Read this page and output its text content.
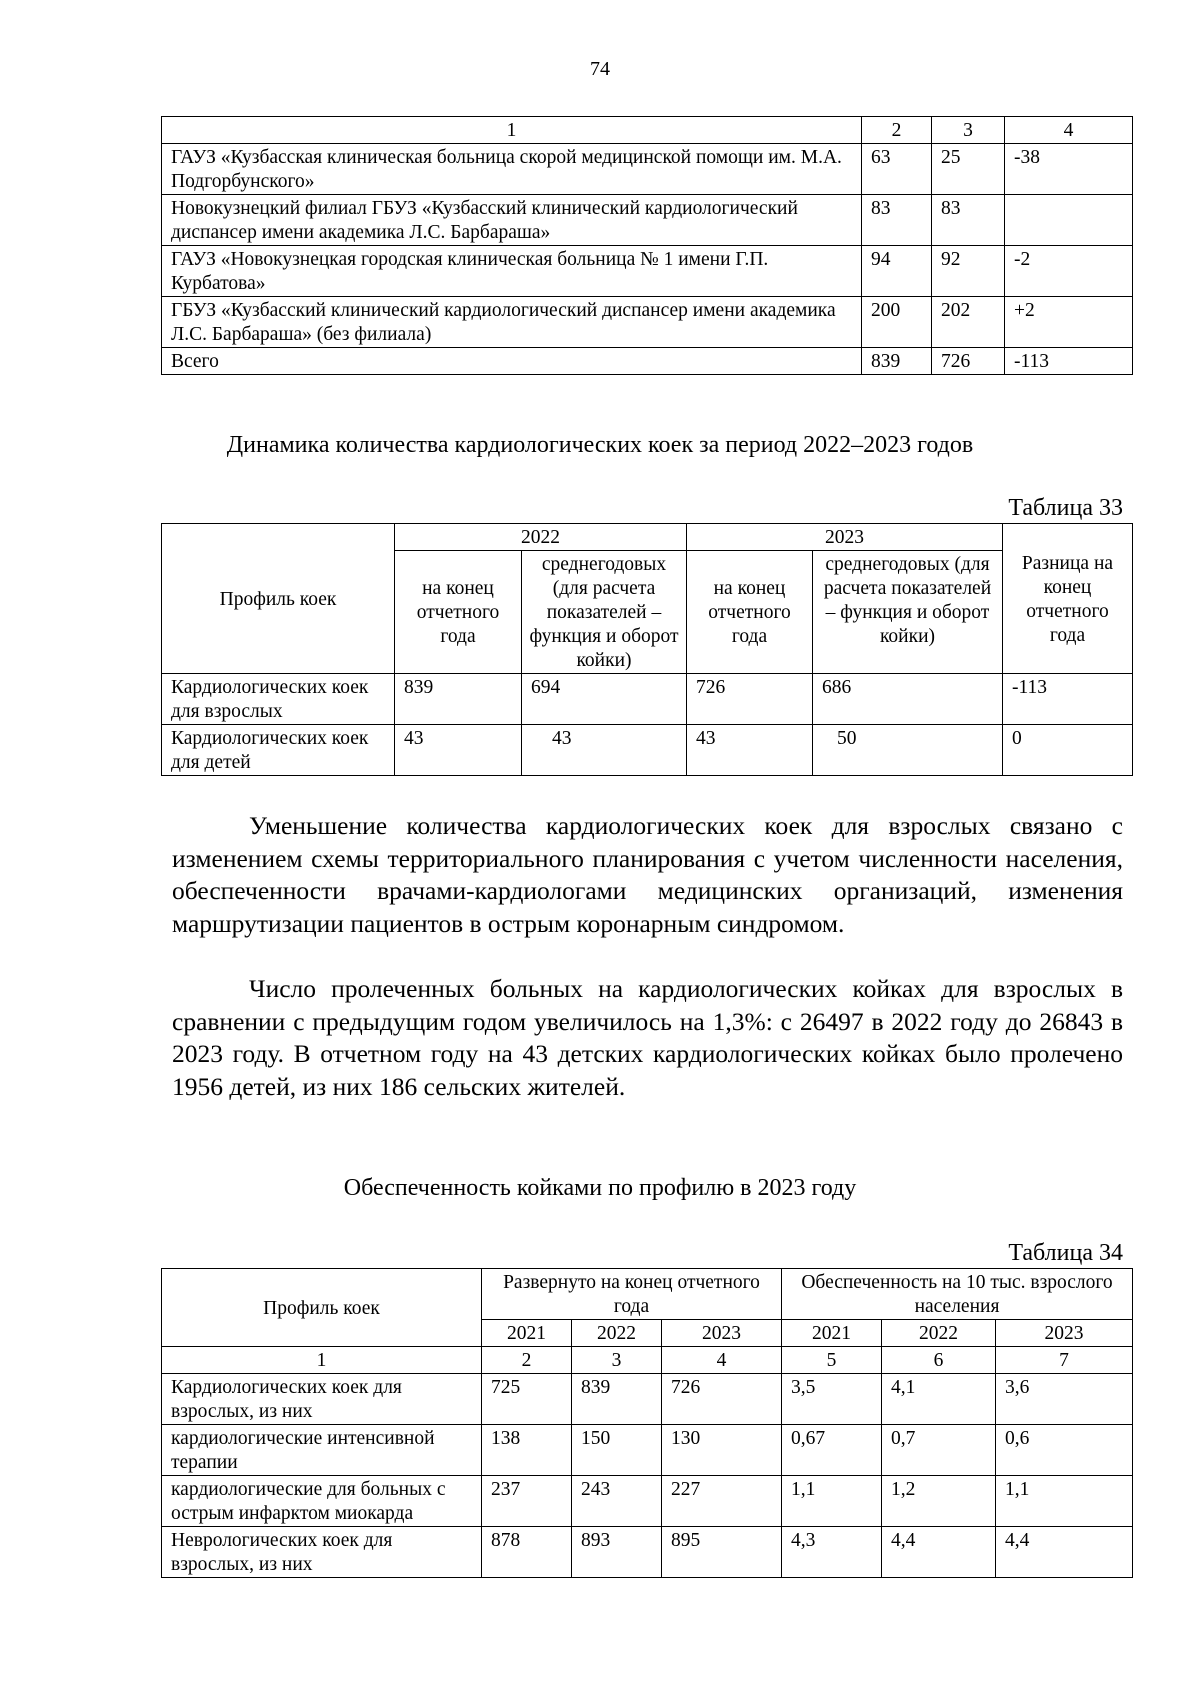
74
1	2	3	4
ГАУЗ «Кузбасская клиническая больница скорой медицинской помощи им. М.А. Подгорбунского»	63	25	-38
Новокузнецкий филиал ГБУЗ «Кузбасский клинический кардиологический диспансер имени академика Л.С. Барбараша»	83	83	
ГАУЗ «Новокузнецкая городская клиническая больница № 1 имени Г.П. Курбатова»	94	92	-2
ГБУЗ «Кузбасский клинический кардиологический диспансер имени академика Л.С. Барбараша» (без филиала)	200	202	+2
Всего	839	726	-113
Динамика количества кардиологических коек за период 2022–2023 годов
Таблица 33
Профиль коек	2022		2023		Разница на конец отчетного года
	на конец отчетного года	среднегодовых (для расчета показателей – функция и оборот койки)	на конец отчетного года	среднегодовых (для расчета показателей – функция и оборот койки)	
Кардиологических коек для взрослых	839	694	726	686	-113
Кардиологических коек для детей	43	43	43	50	0

Уменьшение количества кардиологических коек для взрослых связано с изменением схемы территориального планирования с учетом численности населения, обеспеченности врачами-кардиологами медицинских организаций, изменения маршрутизации пациентов в острым коронарным синдромом.

Число пролеченных больных на кардиологических койках для взрослых в сравнении с предыдущим годом увеличилось на 1,3%: с 26497 в 2022 году до 26843 в 2023 году. В отчетном году на 43 детских кардиологических койках было пролечено 1956 детей, из них 186 сельских жителей.

Обеспеченность койками по профилю в 2023 году
Таблица 34
Профиль коек	Развернуто на конец отчетного года			Обеспеченность на 10 тыс. взрослого населения		
	2021	2022	2023	2021	2022	2023
1	2	3	4	5	6	7
Кардиологических коек для взрослых, из них	725	839	726	3,5	4,1	3,6
кардиологические интенсивной терапии	138	150	130	0,67	0,7	0,6
кардиологические для больных с острым инфарктом миокарда	237	243	227	1,1	1,2	1,1
Неврологических коек для взрослых, из них	878	893	895	4,3	4,4	4,4
